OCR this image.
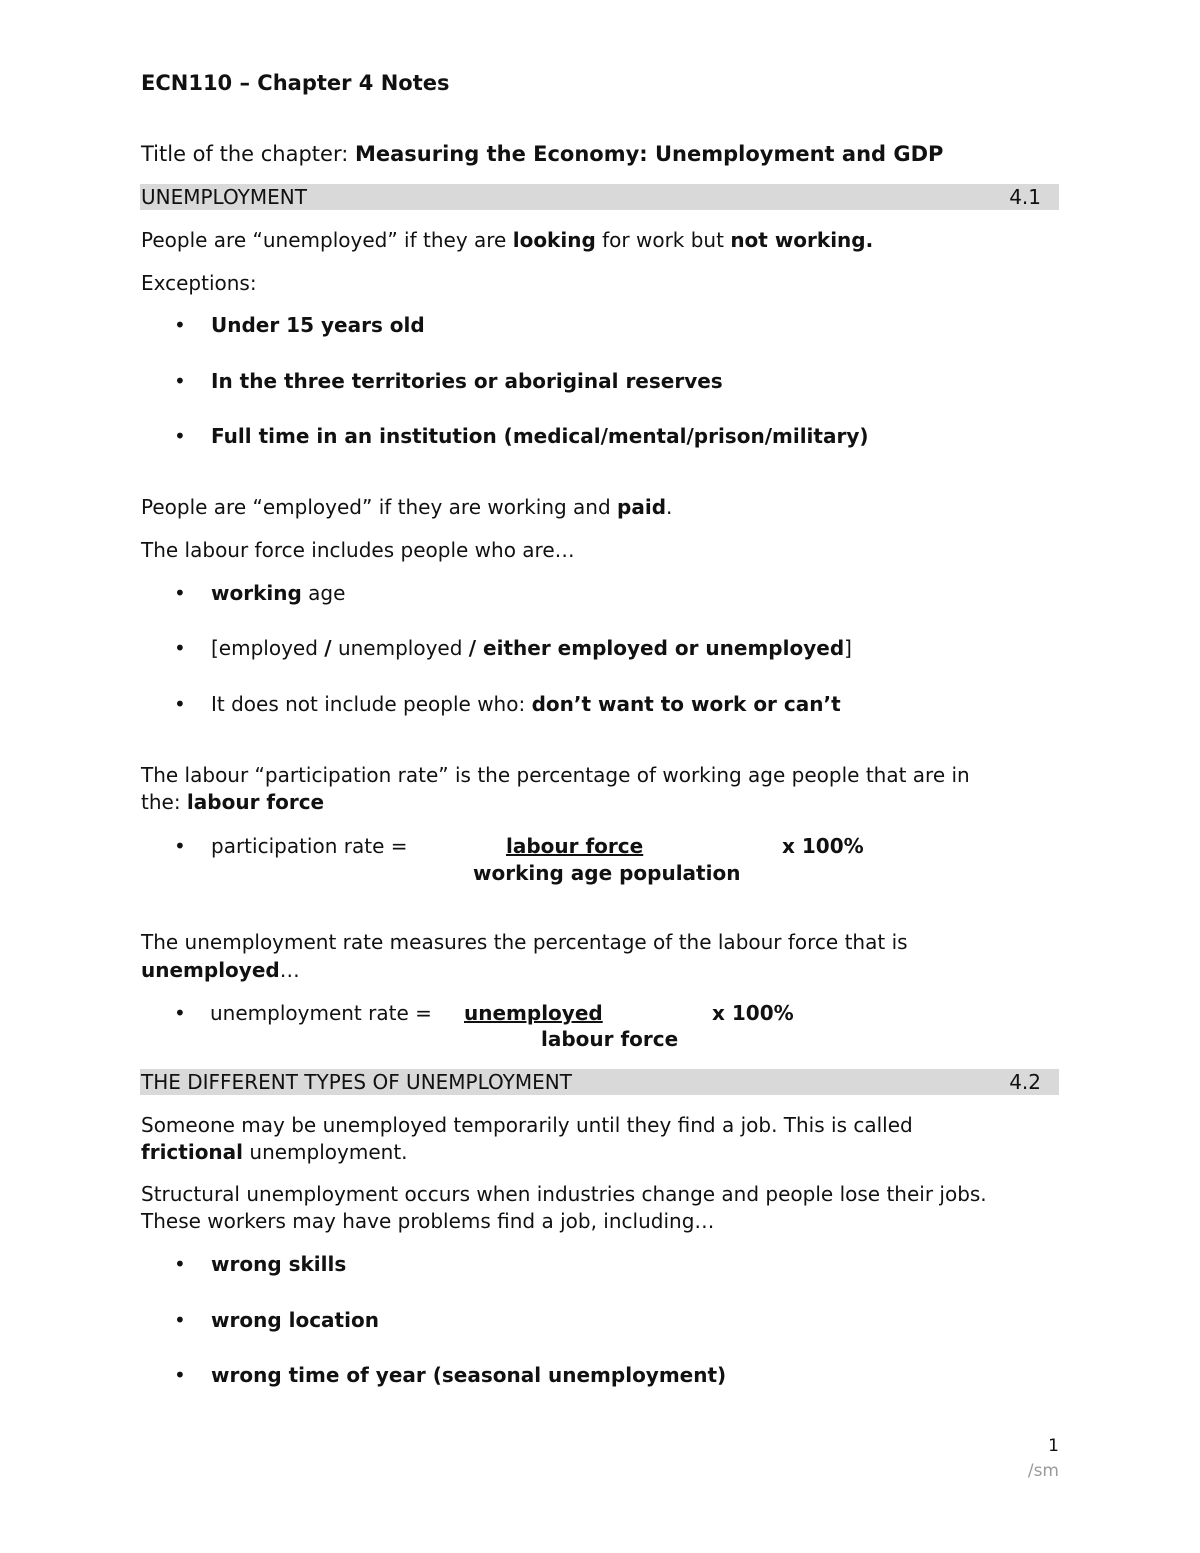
ECN110 – Chapter 4 Notes
Title of the chapter: Measuring the Economy: Unemployment and GDP
UNEMPLOYMENT	4.1
People are “unemployed” if they are looking for work but not working.
Exceptions:
• Under 15 years old
• In the three territories or aboriginal reserves
• Full time in an institution (medical/mental/prison/military)
People are “employed” if they are working and paid.
The labour force includes people who are…
• working age
• [employed / unemployed / either employed or unemployed]
• It does not include people who: don’t want to work or can’t
The labour “participation rate” is the percentage of working age people that are in
the: labour force
• participation rate =	labour force	x 100%
working age population
The unemployment rate measures the percentage of the labour force that is
unemployed…
• unemployment rate = unemployed	x 100%
labour force
THE DIFFERENT TYPES OF UNEMPLOYMENT	4.2
Someone may be unemployed temporarily until they find a job. This is called
frictional unemployment.
Structural unemployment occurs when industries change and people lose their jobs.
These workers may have problems find a job, including…
• wrong skills
• wrong location
• wrong time of year (seasonal unemployment)
1
/sm
